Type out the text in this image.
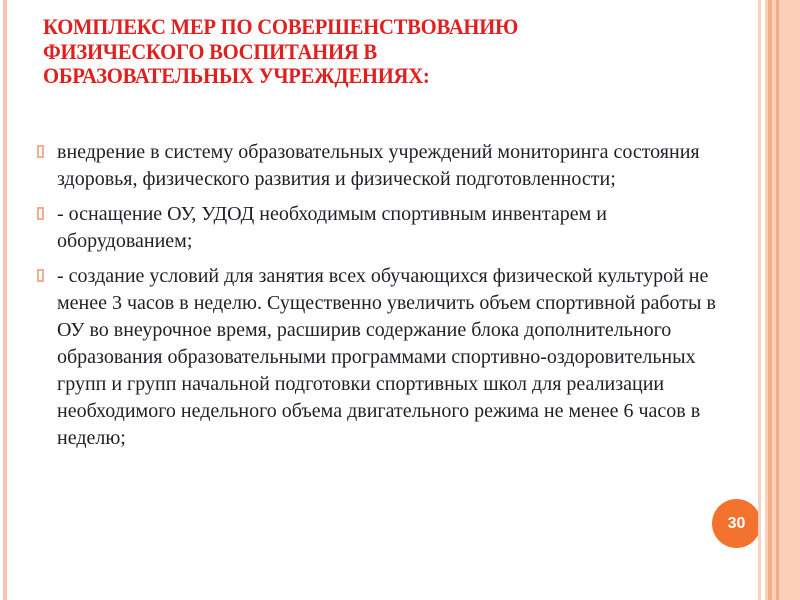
КОМПЛЕКС МЕР ПО СОВЕРШЕНСТВОВАНИЮ
ФИЗИЧЕСКОГО ВОСПИТАНИЯ В
ОБРАЗОВАТЕЛЬНЫХ УЧРЕЖДЕНИЯХ:
внедрение в систему образовательных учреждений мониторинга состояния здоровья, физического развития и физической подготовленности;
- оснащение ОУ, УДОД необходимым спортивным инвентарем и оборудованием;
- создание условий для занятия всех обучающихся физической культурой не менее 3 часов в неделю. Существенно увеличить объем спортивной работы в ОУ во внеурочное время, расширив содержание блока дополнительного образования образовательными программами спортивно-оздоровительных групп и групп начальной подготовки спортивных школ для реализации необходимого недельного объема двигательного режима не менее 6 часов в неделю;
30
